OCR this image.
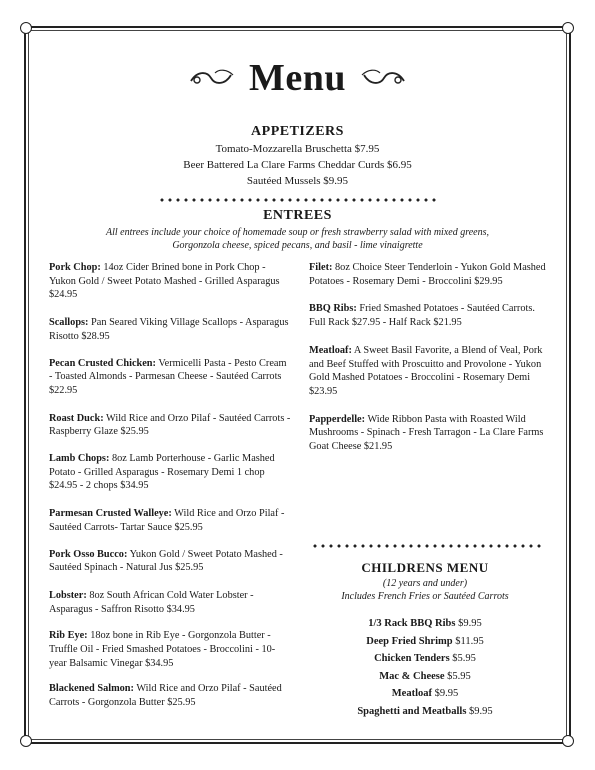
Menu
APPETIZERS
Tomato-Mozzarella Bruschetta $7.95
Beer Battered La Clare Farms Cheddar Curds $6.95
Sautéed Mussels $9.95
ENTREES
All entrees include your choice of homemade soup or fresh strawberry salad with mixed greens,
Gorgonzola cheese, spiced pecans, and basil - lime vinaigrette

Pork Chop: 14oz Cider Brined bone in Pork Chop - Yukon Gold / Sweet Potato Mashed - Grilled Asparagus $24.95

Scallops: Pan Seared Viking Village Scallops - Asparagus Risotto $28.95

Pecan Crusted Chicken: Vermicelli Pasta - Pesto Cream - Toasted Almonds - Parmesan Cheese - Sautéed Carrots $22.95

Roast Duck: Wild Rice and Orzo Pilaf - Sautéed Carrots - Raspberry Glaze $25.95

Lamb Chops: 8oz Lamb Porterhouse - Garlic Mashed Potato - Grilled Asparagus - Rosemary Demi 1 chop $24.95 - 2 chops $34.95

Parmesan Crusted Walleye: Wild Rice and Orzo Pilaf - Sautéed Carrots- Tartar Sauce $25.95

Pork Osso Bucco: Yukon Gold / Sweet Potato Mashed - Sautéed Spinach - Natural Jus $25.95

Lobster: 8oz South African Cold Water Lobster - Asparagus - Saffron Risotto $34.95

Rib Eye: 18oz bone in Rib Eye - Gorgonzola Butter - Truffle Oil - Fried Smashed Potatoes - Broccolini - 10-year Balsamic Vinegar $34.95

Blackened Salmon: Wild Rice and Orzo Pilaf - Sautéed Carrots - Gorgonzola Butter $25.95

Filet: 8oz Choice Steer Tenderloin - Yukon Gold Mashed Potatoes - Rosemary Demi - Broccolini $29.95

BBQ Ribs: Fried Smashed Potatoes - Sautéed Carrots. Full Rack $27.95 - Half Rack $21.95

Meatloaf: A Sweet Basil Favorite, a Blend of Veal, Pork and Beef Stuffed with Proscuitto and Provolone - Yukon Gold Mashed Potatoes - Broccolini - Rosemary Demi $23.95

Papperdelle: Wide Ribbon Pasta with Roasted Wild Mushrooms - Spinach - Fresh Tarragon - La Clare Farms Goat Cheese $21.95

CHILDRENS MENU
(12 years and under)
Includes French Fries or Sautéed Carrots
1/3 Rack BBQ Ribs $9.95
Deep Fried Shrimp $11.95
Chicken Tenders $5.95
Mac & Cheese $5.95
Meatloaf $9.95
Spaghetti and Meatballs $9.95
